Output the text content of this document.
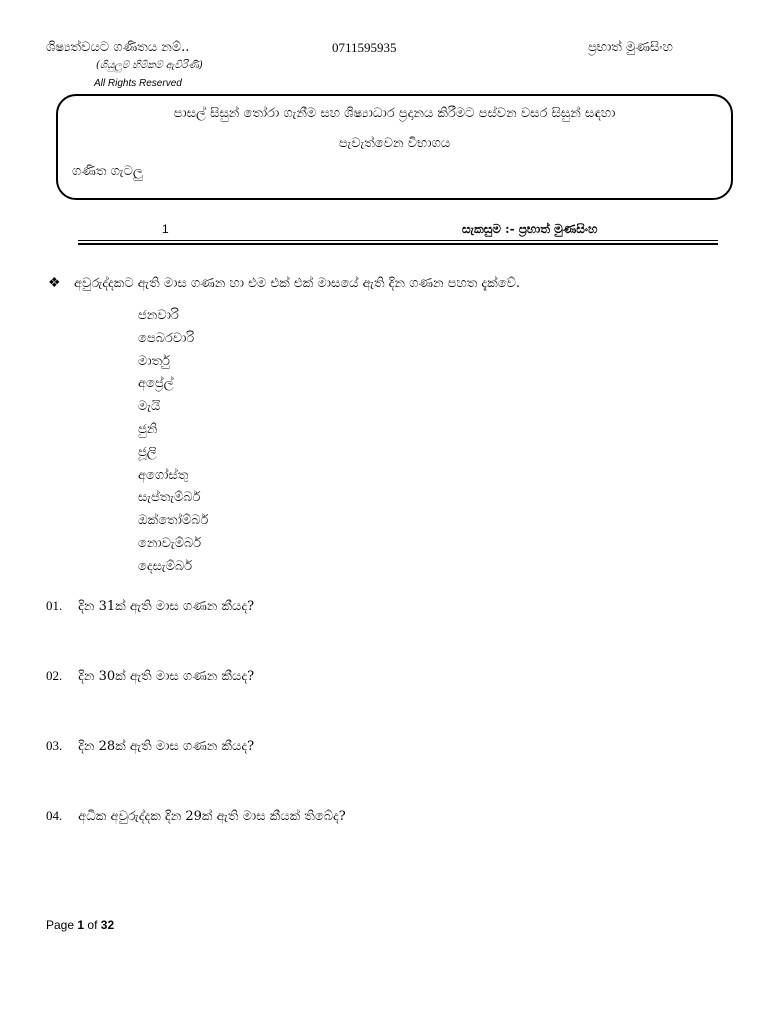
ශිෂ්‍යත්වයට ගණිතය නම්..	0711595935	ප්‍රභාත් මුණසිංහ
(ශියුලුම් හිමිකම් ඇවිරිණි)
All Rights Reserved
පාසල් සිසුන් තෝරා ගැනීම සහ ශිෂ්‍යාධාර ප්‍රදානය කිරීමට පස්වන වසර සිසුන් සඳහා
පැවැත්වෙන විභාගය
ගණිත ගැටලු
1	සැකසුම :- ප්‍රභාත් මුණසිංහ
❖ අවුරුද්දකට ඇති මාස ගණන හා එම එක් එක් මාසයේ ඇති දින ගණන පහත දැක්වේ.
ජනවාරි
පෙබරවාරි
මාර්තු
අප්‍රේල්
මැයි
ජුනි
ජූලි
අගෝස්තු
සැප්තැම්බර්
ඔක්තෝම්බර්
නොවැම්බර්
දෙසැම්බර්
01. දින 31ක් ඇති මාස ගණන කීයද?
02. දින 30ක් ඇති මාස ගණන කීයද?
03. දින 28ක් ඇති මාස ගණන කීයද?
04. අධික අවුරුද්දක දින 29ක් ඇති මාස කීයක් තිබේද?
Page 1 of 32
